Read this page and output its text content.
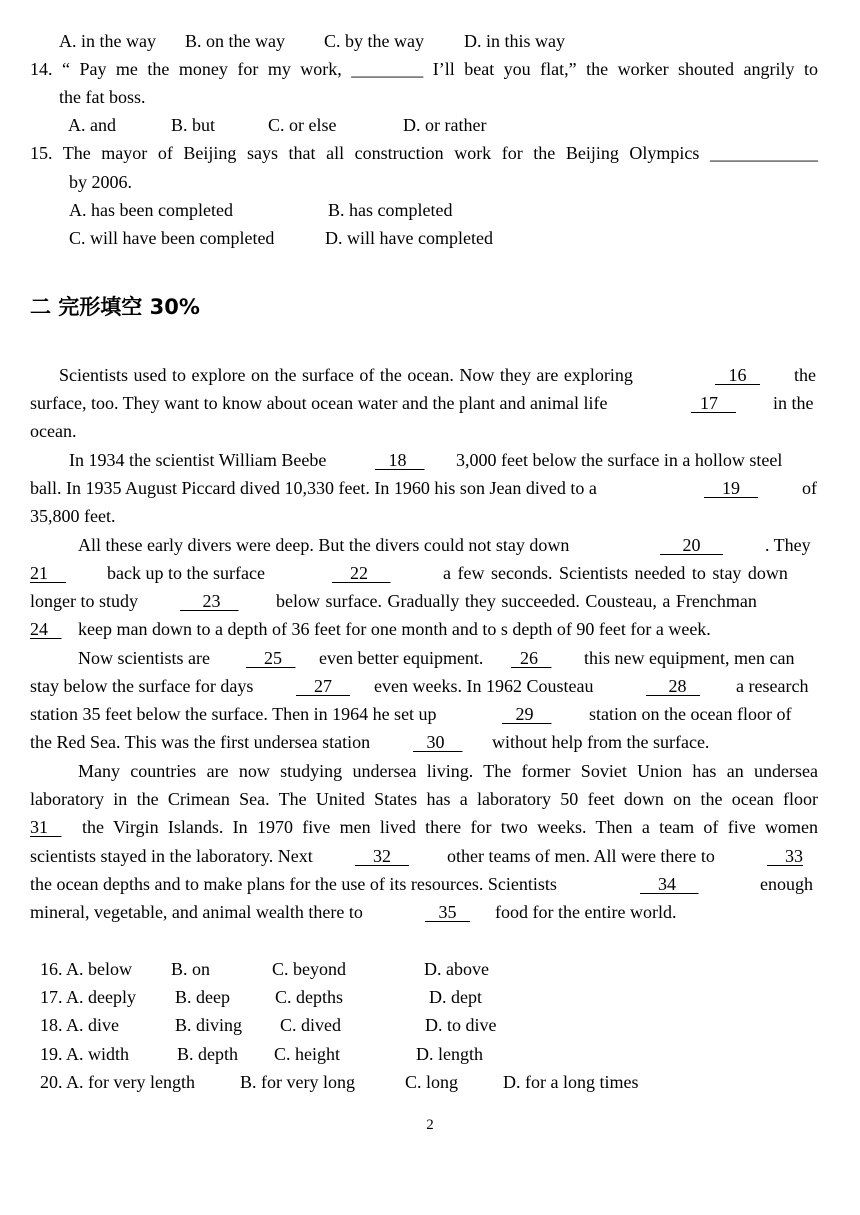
A. in the way B. on the way C. by the way D. in this way
14. “ Pay me the money for my work, ________ I’ll beat you flat,” the worker shouted angrily to
the fat boss.
A. and	B. but	C. or else	D. or rather
15. The mayor of Beijing says that all construction work for the Beijing Olympics ____________
by 2006.
A. has been completed	B. has completed
C. will have been completed	D. will have completed
二 完形填空 30%
Scientists used to explore on the surface of the ocean. Now they are exploring	16	the
surface, too. They want to know about ocean water and the plant and animal life	17	in the
ocean.
In 1934 the scientist William Beebe	18	3,000 feet below the surface in a hollow steel
ball. In 1935 August Piccard dived 10,330 feet. In 1960 his son Jean dived to a	19	of
35,800 feet.
All these early divers were deep. But the divers could not stay down	20	. They
21	back up to the surface	22	a few seconds. Scientists needed to stay down
longer to study	23	below surface. Gradually they succeeded. Cousteau, a Frenchman
24	keep man down to a depth of 36 feet for one month and to s depth of 90 feet for a week.
Now scientists are	25	even better equipment.	26	this new equipment, men can
stay below the surface for days	27	even weeks. In 1962 Cousteau	28	a research
station 35 feet below the surface. Then in 1964 he set up	29	station on the ocean floor of
the Red Sea. This was the first undersea station	30	without help from the surface.
Many countries are now studying undersea living. The former Soviet Union has an undersea
laboratory in the Crimean Sea. The United States has a laboratory 50 feet down on the ocean floor
31	the Virgin Islands. In 1970 five men lived there for two weeks. Then a team of five women
scientists stayed in the laboratory. Next	32	other teams of men. All were there to	33
the ocean depths and to make plans for the use of its resources. Scientists	34	enough
mineral, vegetable, and animal wealth there to	35	food for the entire world.
16. A. below B. on	C. beyond	D. above
17. A. deeply B. deep	C. depths	D. dept
18. A. dive	B. diving C. dived	D. to dive
19. A. width	B. depth C. height	D. length
20. A. for very length	B. for very long	C. long D. for a long times
2
